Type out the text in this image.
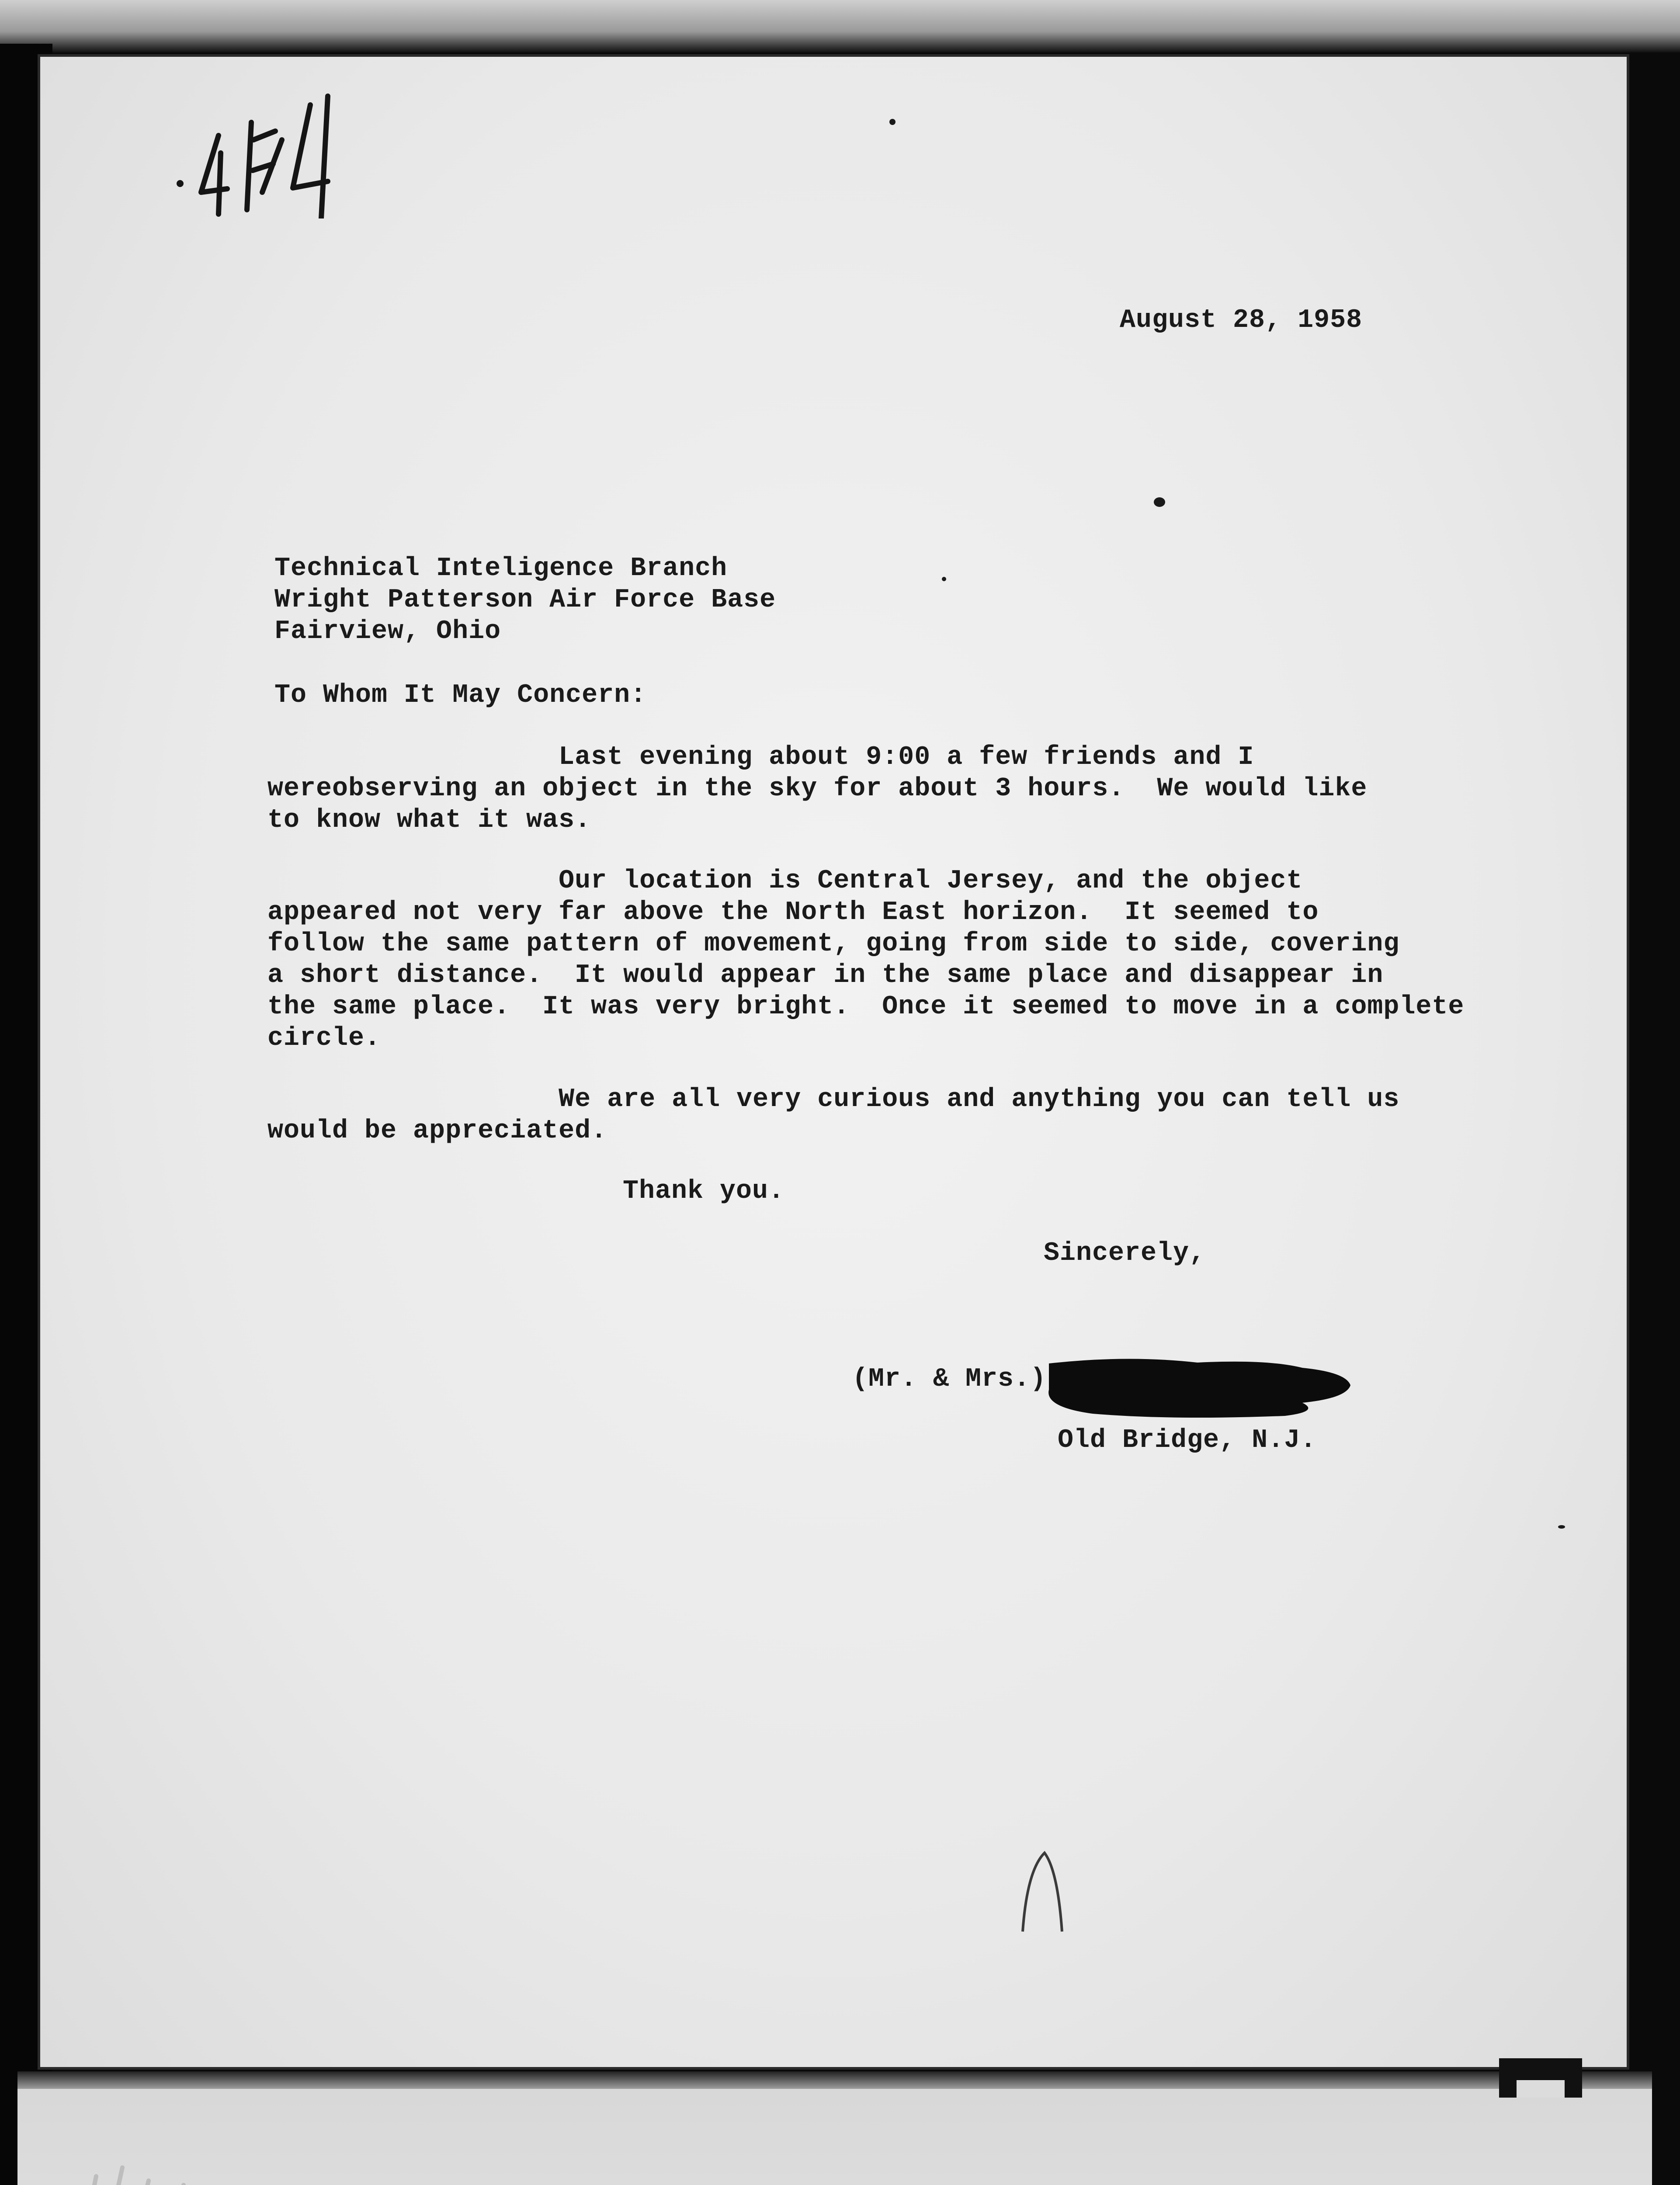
August 28, 1958
Technical Inteligence Branch
Wright Patterson Air Force Base
Fairview, Ohio
To Whom It May Concern:
Last evening about 9:00 a few friends and I
wereobserving an object in the sky for about 3 hours.  We would like
to know what it was.
Our location is Central Jersey, and the object
appeared not very far above the North East horizon.  It seemed to
follow the same pattern of movement, going from side to side, covering
a short distance.  It would appear in the same place and disappear in
the same place.  It was very bright.  Once it seemed to move in a complete
circle.
We are all very curious and anything you can tell us
would be appreciated.
Thank you.
Sincerely,
(Mr. & Mrs.)
Old Bridge, N.J.
